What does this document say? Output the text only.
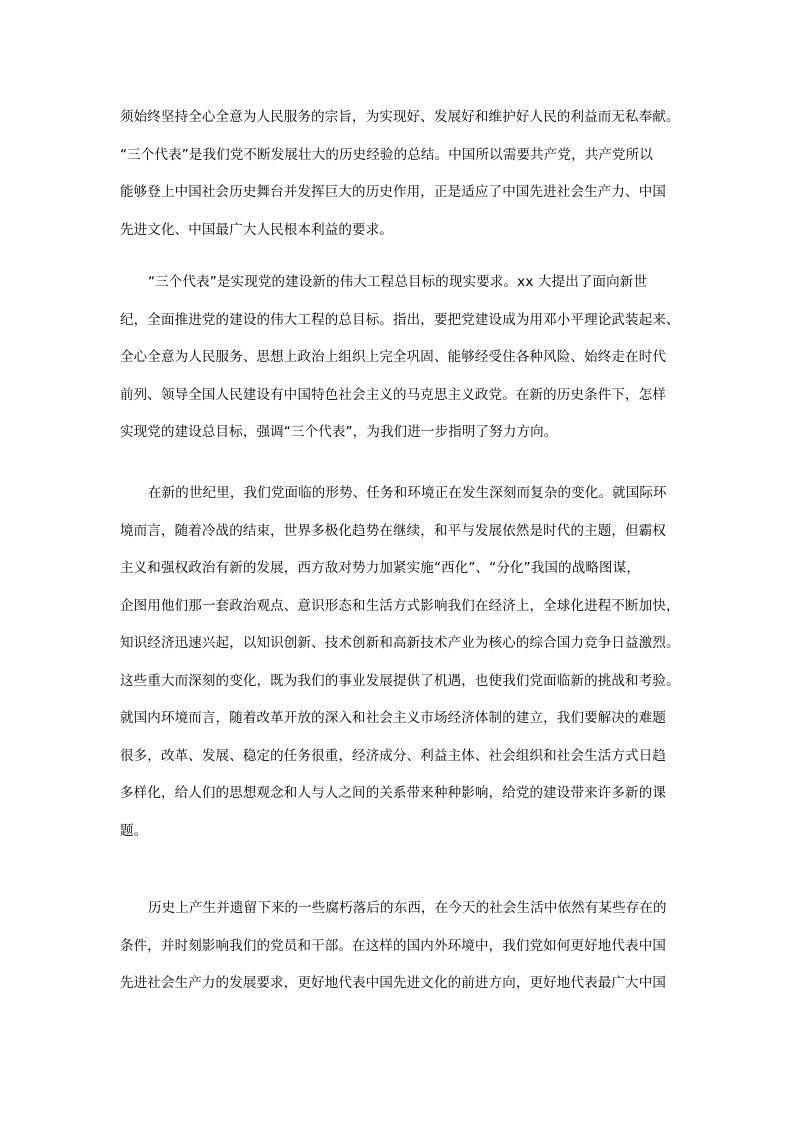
须始终坚持全心全意为人民服务的宗旨，为实现好、发展好和维护好人民的利益而无私奉献。
“三个代表”是我们党不断发展壮大的历史经验的总结。中国所以需要共产党，共产党所以
能够登上中国社会历史舞台并发挥巨大的历史作用，正是适应了中国先进社会生产力、中国
先进文化、中国最广大人民根本利益的要求。
“三个代表”是实现党的建设新的伟大工程总目标的现实要求。xx 大提出了面向新世
纪，全面推进党的建设的伟大工程的总目标。指出，要把党建设成为用邓小平理论武装起来、
全心全意为人民服务、思想上政治上组织上完全巩固、能够经受住各种风险、始终走在时代
前列、领导全国人民建设有中国特色社会主义的马克思主义政党。在新的历史条件下，怎样
实现党的建设总目标，强调“三个代表”，为我们进一步指明了努力方向。
在新的世纪里，我们党面临的形势、任务和环境正在发生深刻而复杂的变化。就国际环
境而言，随着冷战的结束，世界多极化趋势在继续，和平与发展依然是时代的主题，但霸权
主义和强权政治有新的发展，西方敌对势力加紧实施“西化”、“分化”我国的战略图谋，
企图用他们那一套政治观点、意识形态和生活方式影响我们在经济上，全球化进程不断加快，
知识经济迅速兴起，以知识创新、技术创新和高新技术产业为核心的综合国力竞争日益激烈。
这些重大而深刻的变化，既为我们的事业发展提供了机遇，也使我们党面临新的挑战和考验。
就国内环境而言，随着改革开放的深入和社会主义市场经济体制的建立，我们要解决的难题
很多，改革、发展、稳定的任务很重，经济成分、利益主体、社会组织和社会生活方式日趋
多样化，给人们的思想观念和人与人之间的关系带来种种影响，给党的建设带来许多新的课
题。
历史上产生并遗留下来的一些腐朽落后的东西，在今天的社会生活中依然有某些存在的
条件，并时刻影响我们的党员和干部。在这样的国内外环境中，我们党如何更好地代表中国
先进社会生产力的发展要求，更好地代表中国先进文化的前进方向，更好地代表最广大中国
